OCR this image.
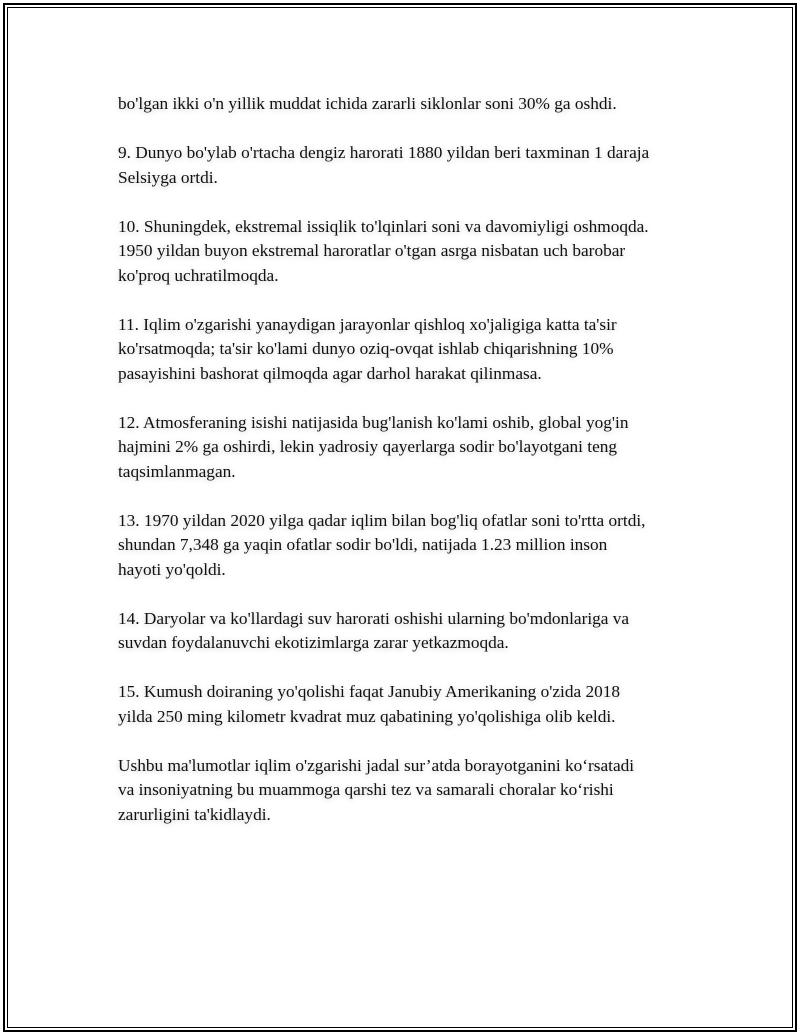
bo'lgan ikki o'n yillik muddat ichida zararli siklonlar soni 30% ga oshdi.

9. Dunyo bo'ylab o'rtacha dengiz harorati 1880 yildan beri taxminan 1 daraja
Selsiyga ortdi.

10. Shuningdek, ekstremal issiqlik to'lqinlari soni va davomiyligi oshmoqda.
1950 yildan buyon ekstremal haroratlar o'tgan asrga nisbatan uch barobar
ko'proq uchratilmoqda.

11. Iqlim o'zgarishi yanaydigan jarayonlar qishloq xo'jaligiga katta ta'sir
ko'rsatmoqda; ta'sir ko'lami dunyo oziq-ovqat ishlab chiqarishning 10%
pasayishini bashorat qilmoqda agar darhol harakat qilinmasa.

12. Atmosferaning isishi natijasida bug'lanish ko'lami oshib, global yog'in
hajmini 2% ga oshirdi, lekin yadrosiy qayerlarga sodir bo'layotgani teng
taqsimlanmagan.

13. 1970 yildan 2020 yilga qadar iqlim bilan bog'liq ofatlar soni to'rtta ortdi,
shundan 7,348 ga yaqin ofatlar sodir bo'ldi, natijada 1.23 million inson
hayoti yo'qoldi.

14. Daryolar va ko'llardagi suv harorati oshishi ularning bo'mdonlariga va
suvdan foydalanuvchi ekotizimlarga zarar yetkazmoqda.

15. Kumush doiraning yo'qolishi faqat Janubiy Amerikaning o'zida 2018
yilda 250 ming kilometr kvadrat muz qabatining yo'qolishiga olib keldi.

Ushbu ma'lumotlar iqlim o'zgarishi jadal sur’atda borayotganini ko‘rsatadi
va insoniyatning bu muammoga qarshi tez va samarali choralar ko‘rishi
zarurligini ta'kidlaydi.
